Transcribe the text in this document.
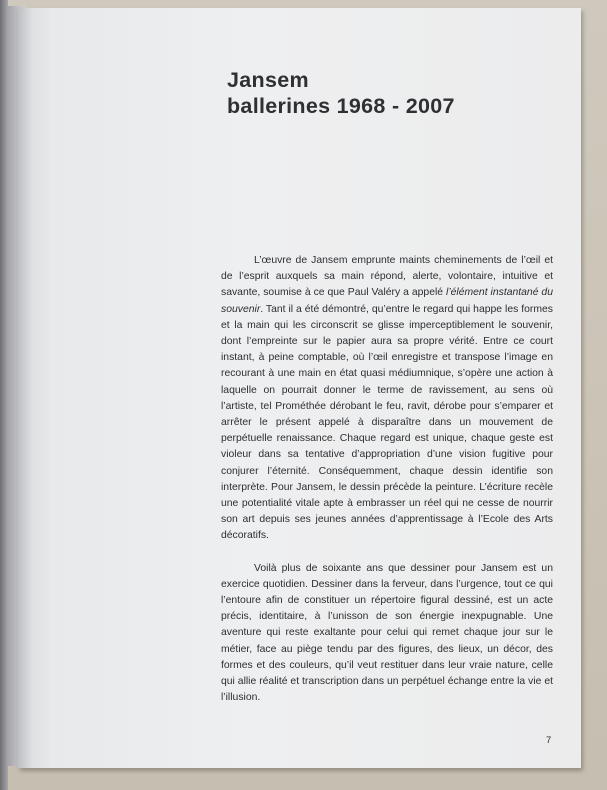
Jansem
ballerines 1968 - 2007

L’œuvre de Jansem emprunte maints cheminements de l’œil et de l’esprit auxquels sa main répond, alerte, volontaire, intuitive et savante, soumise à ce que Paul Valéry a appelé l’élément instantané du souvenir. Tant il a été démontré, qu’entre le regard qui happe les formes et la main qui les circonscrit se glisse imperceptiblement le souvenir, dont l’empreinte sur le papier aura sa propre vérité. Entre ce court instant, à peine comptable, où l’œil enregistre et transpose l’image en recourant à une main en état quasi médiumnique, s’opère une action à laquelle on pourrait donner le terme de ravissement, au sens où l’artiste, tel Prométhée dérobant le feu, ravit, dérobe pour s’emparer et arrêter le présent appelé à disparaître dans un mouvement de perpétuelle renaissance. Chaque regard est unique, chaque geste est violeur dans sa tentative d’appropriation d’une vision fugitive pour conjurer l’éternité. Conséquemment, chaque dessin identifie son interprète. Pour Jansem, le dessin précède la peinture. L’écriture recèle une potentialité vitale apte à embrasser un réel qui ne cesse de nourrir son art depuis ses jeunes années d’apprentissage à l’Ecole des Arts décoratifs.

Voilà plus de soixante ans que dessiner pour Jansem est un exercice quotidien. Dessiner dans la ferveur, dans l’urgence, tout ce qui l’entoure afin de constituer un répertoire figural dessiné, est un acte précis, identitaire, à l’unisson de son énergie inexpugnable. Une aventure qui reste exaltante pour celui qui remet chaque jour sur le métier, face au piège tendu par des figures, des lieux, un décor, des formes et des couleurs, qu’il veut restituer dans leur vraie nature, celle qui allie réalité et transcription dans un perpétuel échange entre la vie et l’illusion.

7
